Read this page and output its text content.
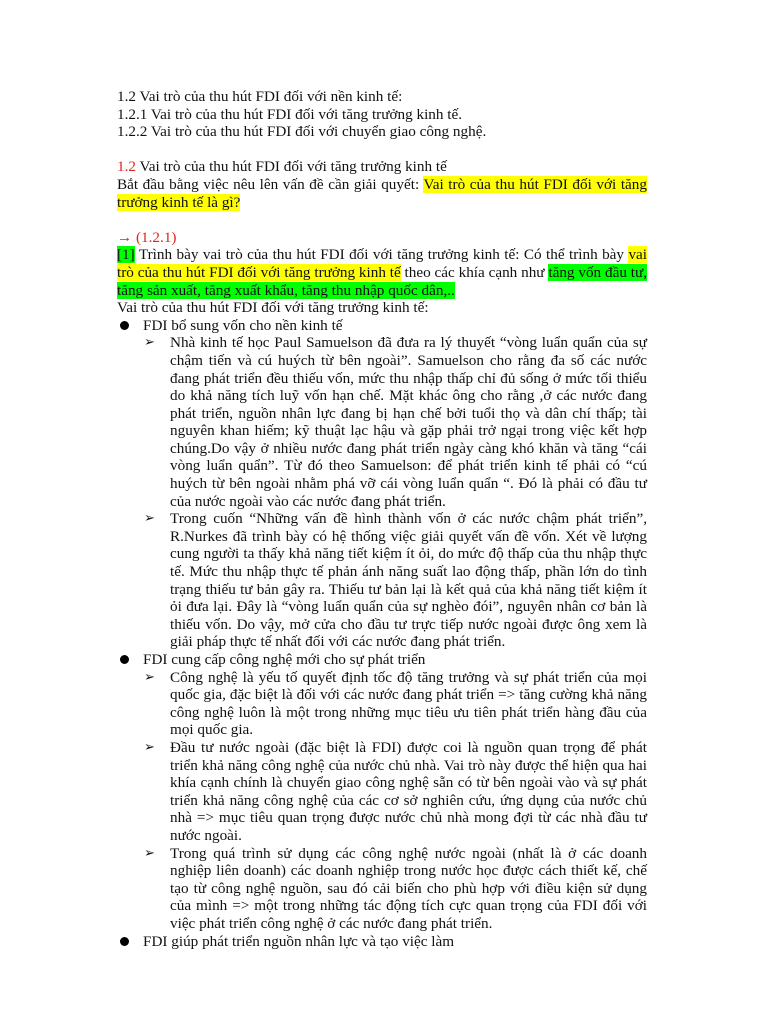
1.2 Vai trò của thu hút FDI đối với nền kinh tế:
1.2.1 Vai trò của thu hút FDI đối với tăng trưởng kinh tế.
1.2.2 Vai trò của thu hút FDI đối với chuyển giao công nghệ.
1.2 Vai trò của thu hút FDI đối với tăng trưởng kinh tế
Bắt đầu bằng việc nêu lên vấn đề cần giải quyết: Vai trò của thu hút FDI đối với tăng trưởng kinh tế là gì?
→ (1.2.1)
[1] Trình bày vai trò của thu hút FDI đối với tăng trưởng kinh tế: Có thể trình bày vai trò của thu hút FDI đối với tăng trưởng kinh tế theo các khía cạnh như tăng vốn đầu tư, tăng sản xuất, tăng xuất khẩu, tăng thu nhập quốc dân,..
Vai trò của thu hút FDI đối với tăng trưởng kinh tế:
FDI bổ sung vốn cho nền kinh tế
➢ Nhà kinh tế học Paul Samuelson đã đưa ra lý thuyết “vòng luẩn quẩn của sự chậm tiến và cú huých từ bên ngoài”. Samuelson cho rằng đa số các nước đang phát triển đều thiếu vốn, mức thu nhập thấp chỉ đủ sống ở mức tối thiểu do khả năng tích luỹ vốn hạn chế. Mặt khác ông cho rằng ,ở các nước đang phát triển, nguồn nhân lực đang bị hạn chế bởi tuổi thọ và dân chí thấp; tài nguyên khan hiếm; kỹ thuật lạc hậu và gặp phải trở ngại trong việc kết hợp chúng.Do vậy ở nhiều nước đang phát triển ngày càng khó khăn và tăng “cái vòng luẩn quẩn”. Từ đó theo Samuelson: để phát triển kinh tế phải có “cú huých từ bên ngoài nhằm phá vỡ cái vòng luẩn quẩn “. Đó là phải có đầu tư của nước ngoài vào các nước đang phát triển.
➢ Trong cuốn “Những vấn đề hình thành vốn ở các nước chậm phát triển”, R.Nurkes đã trình bày có hệ thống việc giải quyết vấn đề vốn. Xét về lượng cung người ta thấy khả năng tiết kiệm ít ỏi, do mức độ thấp của thu nhập thực tế. Mức thu nhập thực tế phản ánh năng suất lao động thấp, phần lớn do tình trạng thiếu tư bản gây ra. Thiếu tư bản lại là kết quả của khả năng tiết kiệm ít ỏi đưa lại. Đây là “vòng luẩn quẩn của sự nghèo đói”, nguyên nhân cơ bản là thiếu vốn. Do vậy, mở cửa cho đầu tư trực tiếp nước ngoài được ông xem là giải pháp thực tế nhất đối với các nước đang phát triển.
FDI cung cấp công nghệ mới cho sự phát triển
➢ Công nghệ là yếu tố quyết định tốc độ tăng trưởng và sự phát triển của mọi quốc gia, đặc biệt là đối với các nước đang phát triển => tăng cường khả năng công nghệ luôn là một trong những mục tiêu ưu tiên phát triển hàng đầu của mọi quốc gia.
➢ Đầu tư nước ngoài (đặc biệt là FDI) được coi là nguồn quan trọng để phát triển khả năng công nghệ của nước chủ nhà. Vai trò này được thể hiện qua hai khía cạnh chính là chuyển giao công nghệ sẵn có từ bên ngoài vào và sự phát triển khả năng công nghệ của các cơ sở nghiên cứu, ứng dụng của nước chủ nhà => mục tiêu quan trọng được nước chủ nhà mong đợi từ các nhà đầu tư nước ngoài.
➢ Trong quá trình sử dụng các công nghệ nước ngoài (nhất là ở các doanh nghiệp liên doanh) các doanh nghiệp trong nước học được cách thiết kế, chế tạo từ công nghệ nguồn, sau đó cải biến cho phù hợp với điều kiện sử dụng của mình => một trong những tác động tích cực quan trọng của FDI đối với việc phát triển công nghệ ở các nước đang phát triển.
FDI giúp phát triển nguồn nhân lực và tạo việc làm
